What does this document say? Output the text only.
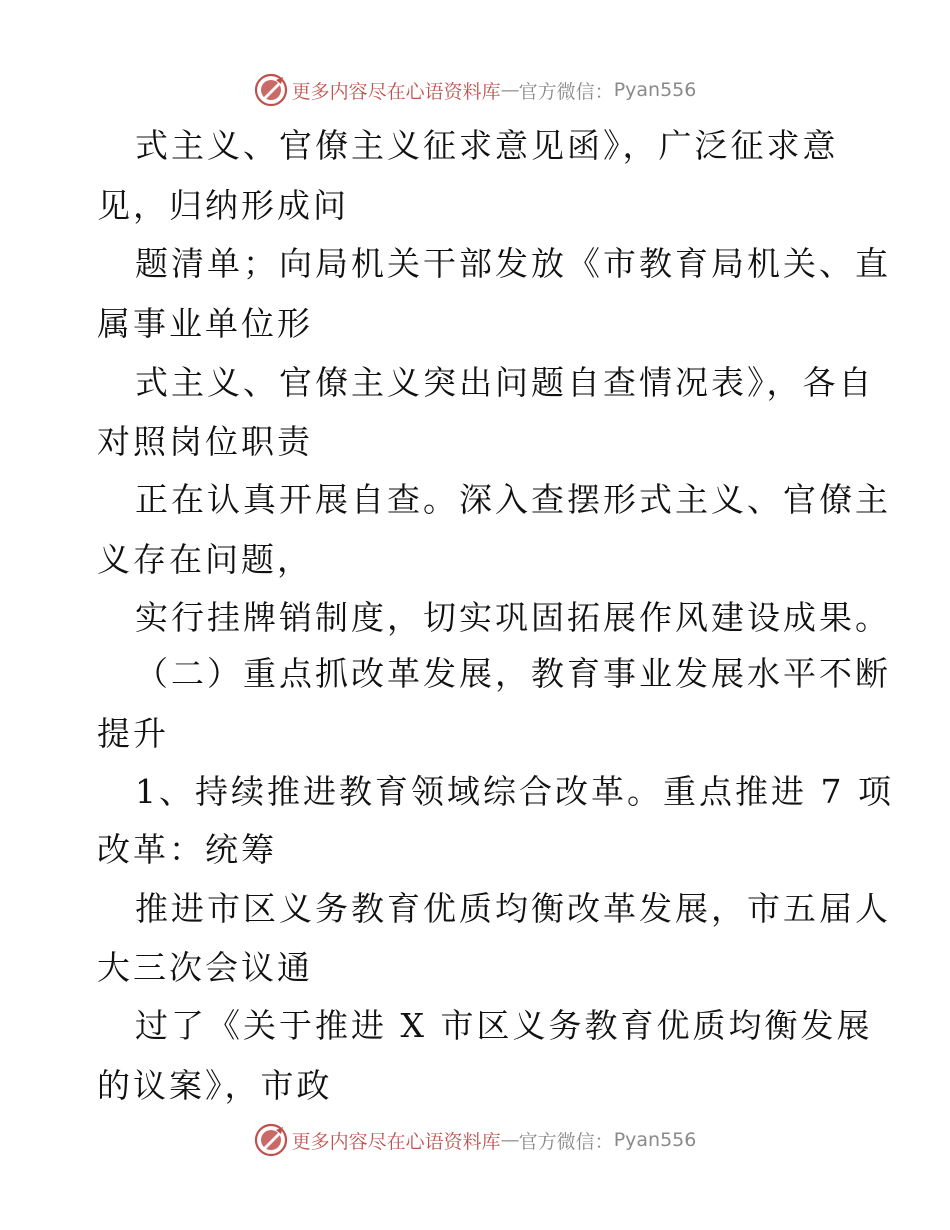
更多内容尽在心语资料库 — 官方微信： Pyan556
式主义、官僚主义征求意见函》，广泛征求意
见，归纳形成问
题清单；向局机关干部发放《市教育局机关、直
属事业单位形
式主义、官僚主义突出问题自查情况表》，各自
对照岗位职责
正在认真开展自查。深入查摆形式主义、官僚主
义存在问题，
实行挂牌销制度，切实巩固拓展作风建设成果。
（二）重点抓改革发展，教育事业发展水平不断
提升
1、持续推进教育领域综合改革。重点推进 7 项
改革：统筹
推进市区义务教育优质均衡改革发展，市五届人
大三次会议通
过了《关于推进 X 市区义务教育优质均衡发展
的议案》，市政
更多内容尽在心语资料库 — 官方微信： Pyan556
